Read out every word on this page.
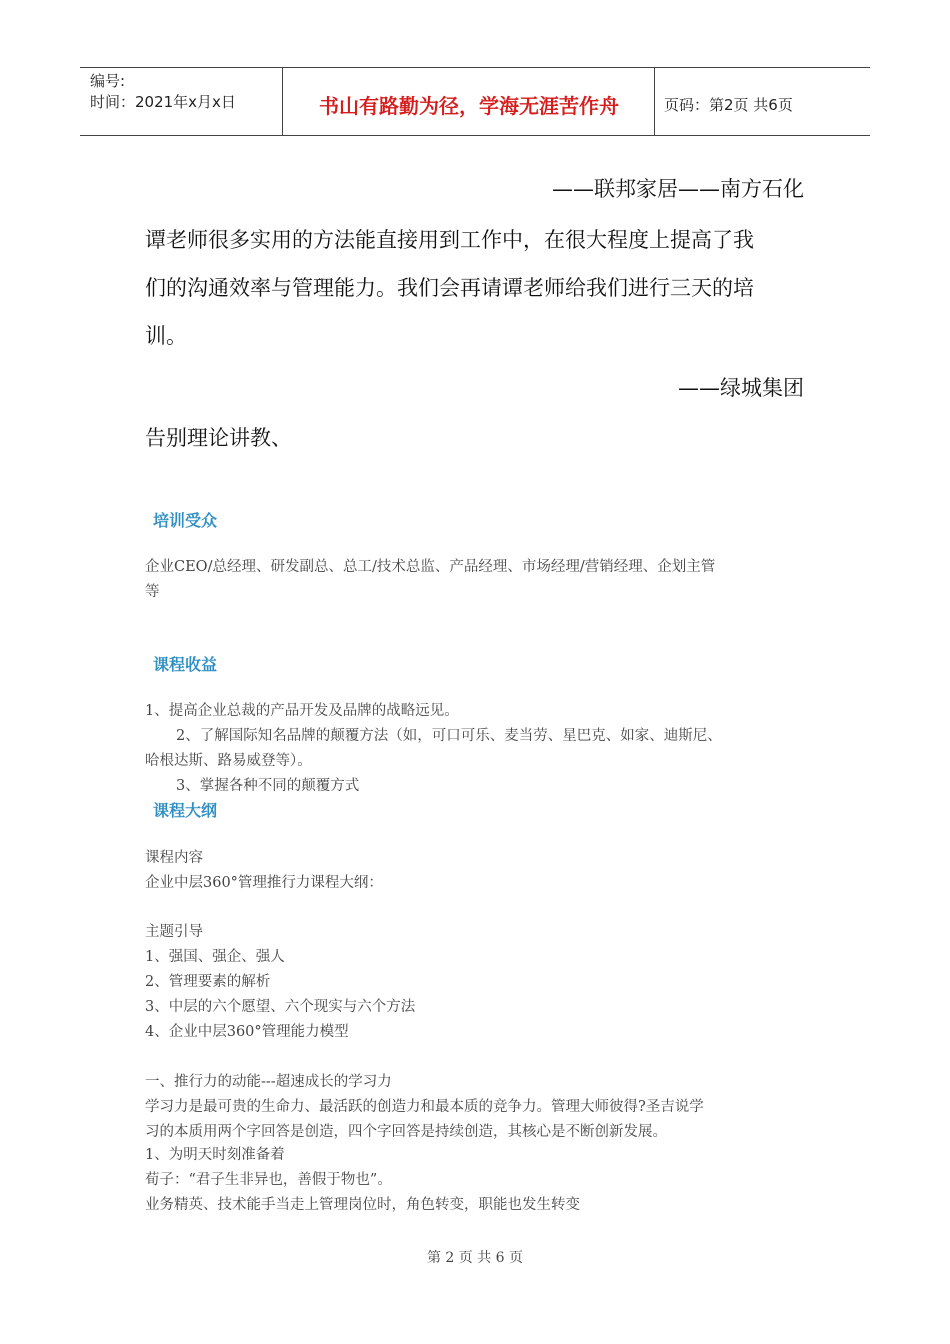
编号:
时间：2021年x月x日	书山有路勤为径，学海无涯苦作舟	页码：第2页 共6页
——联邦家居——南方石化
谭老师很多实用的方法能直接用到工作中，在很大程度上提高了我
们的沟通效率与管理能力。我们会再请谭老师给我们进行三天的培
训。
——绿城集团
告别理论讲教、
培训受众
企业CEO/总经理、研发副总、总工/技术总监、产品经理、市场经理/营销经理、企划主管
等
课程收益
1、提高企业总裁的产品开发及品牌的战略远见。
2、了解国际知名品牌的颠覆方法（如，可口可乐、麦当劳、星巴克、如家、迪斯尼、
哈根达斯、路易威登等）。
3、掌握各种不同的颠覆方式
课程大纲
课程内容
企业中层360°管理推行力课程大纲：
主题引导
1、强国、强企、强人
2、管理要素的解析
3、中层的六个愿望、六个现实与六个方法
4、企业中层360°管理能力模型
一、推行力的动能---超速成长的学习力
学习力是最可贵的生命力、最活跃的创造力和最本质的竞争力。管理大师彼得?圣吉说学
习的本质用两个字回答是创造，四个字回答是持续创造，其核心是不断创新发展。
1、为明天时刻准备着
荀子：“君子生非异也，善假于物也”。
业务精英、技术能手当走上管理岗位时，角色转变，职能也发生转变
第 2 页 共 6 页
